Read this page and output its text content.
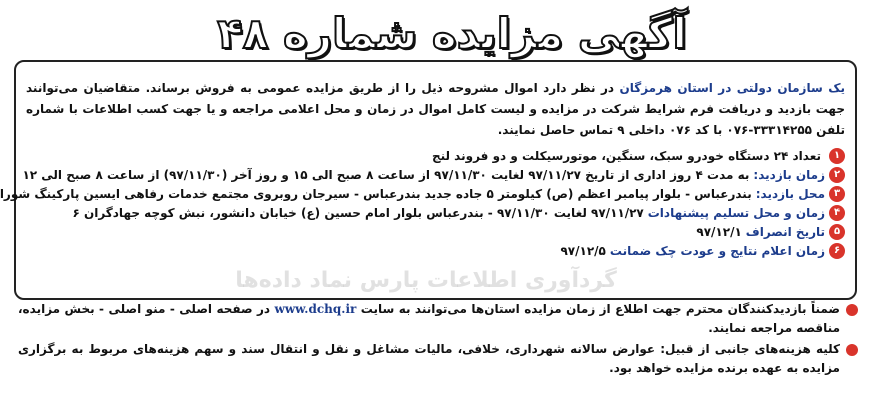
آگهی مزایده شماره ۴۸

یک سازمان دولتی در استان هرمزگان در نظر دارد اموال مشروحه ذیل را از طریق مزایده عمومی به فروش برساند. متقاضیان می‌توانند جهت بازدید و دریافت فرم شرایط شرکت در مزایده و لیست کامل اموال در زمان و محل اعلامی مراجعه و یا جهت کسب اطلاعات با شماره تلفن ۳۳۳۱۴۲۵۵-۰۷۶ با کد ۰۷۶ داخلی ۹ تماس حاصل نمایند.

۱
تعداد ۲۴ دستگاه خودرو سبک، سنگین، موتورسیکلت و دو فروند لنج
۲
زمان بازدید:
به مدت ۴ روز اداری از تاریخ ۹۷/۱۱/۲۷ لغایت ۹۷/۱۱/۳۰ از ساعت ۸ صبح الی ۱۵ و روز آخر (۹۷/۱۱/۳۰) از ساعت ۸ صبح الی ۱۲
۳
محل بازدید:
بندرعباس - بلوار پیامبر اعظم (ص) کیلومتر ۵ جاده جدید بندرعباس - سیرجان روبروی مجتمع خدمات رفاهی ایسین پارکینگ شورا
۴
زمان و محل تسلیم پیشنهادات
۹۷/۱۱/۲۷ لغایت ۹۷/۱۱/۳۰ - بندرعباس بلوار امام حسین (ع) خیابان دانشور، نبش کوچه جهادگران ۶
۵
تاریخ انصراف
۹۷/۱۲/۱
۶
زمان اعلام نتایج و عودت چک ضمانت
۹۷/۱۲/۵
گردآوری اطلاعات پارس نماد داده‌ها
ضمناً بازدیدکنندگان محترم جهت اطلاع از زمان مزایده استان‌ها می‌توانند به سایت www.dchq.ir در صفحه اصلی - منو اصلی - بخش مزایده، مناقصه مراجعه نمایند.
کلیه هزینه‌های جانبی از قبیل: عوارض سالانه شهرداری، خلافی، مالیات مشاغل و نقل و انتقال سند و سهم هزینه‌های مربوط به برگزاری مزایده به عهده برنده مزایده خواهد بود.
